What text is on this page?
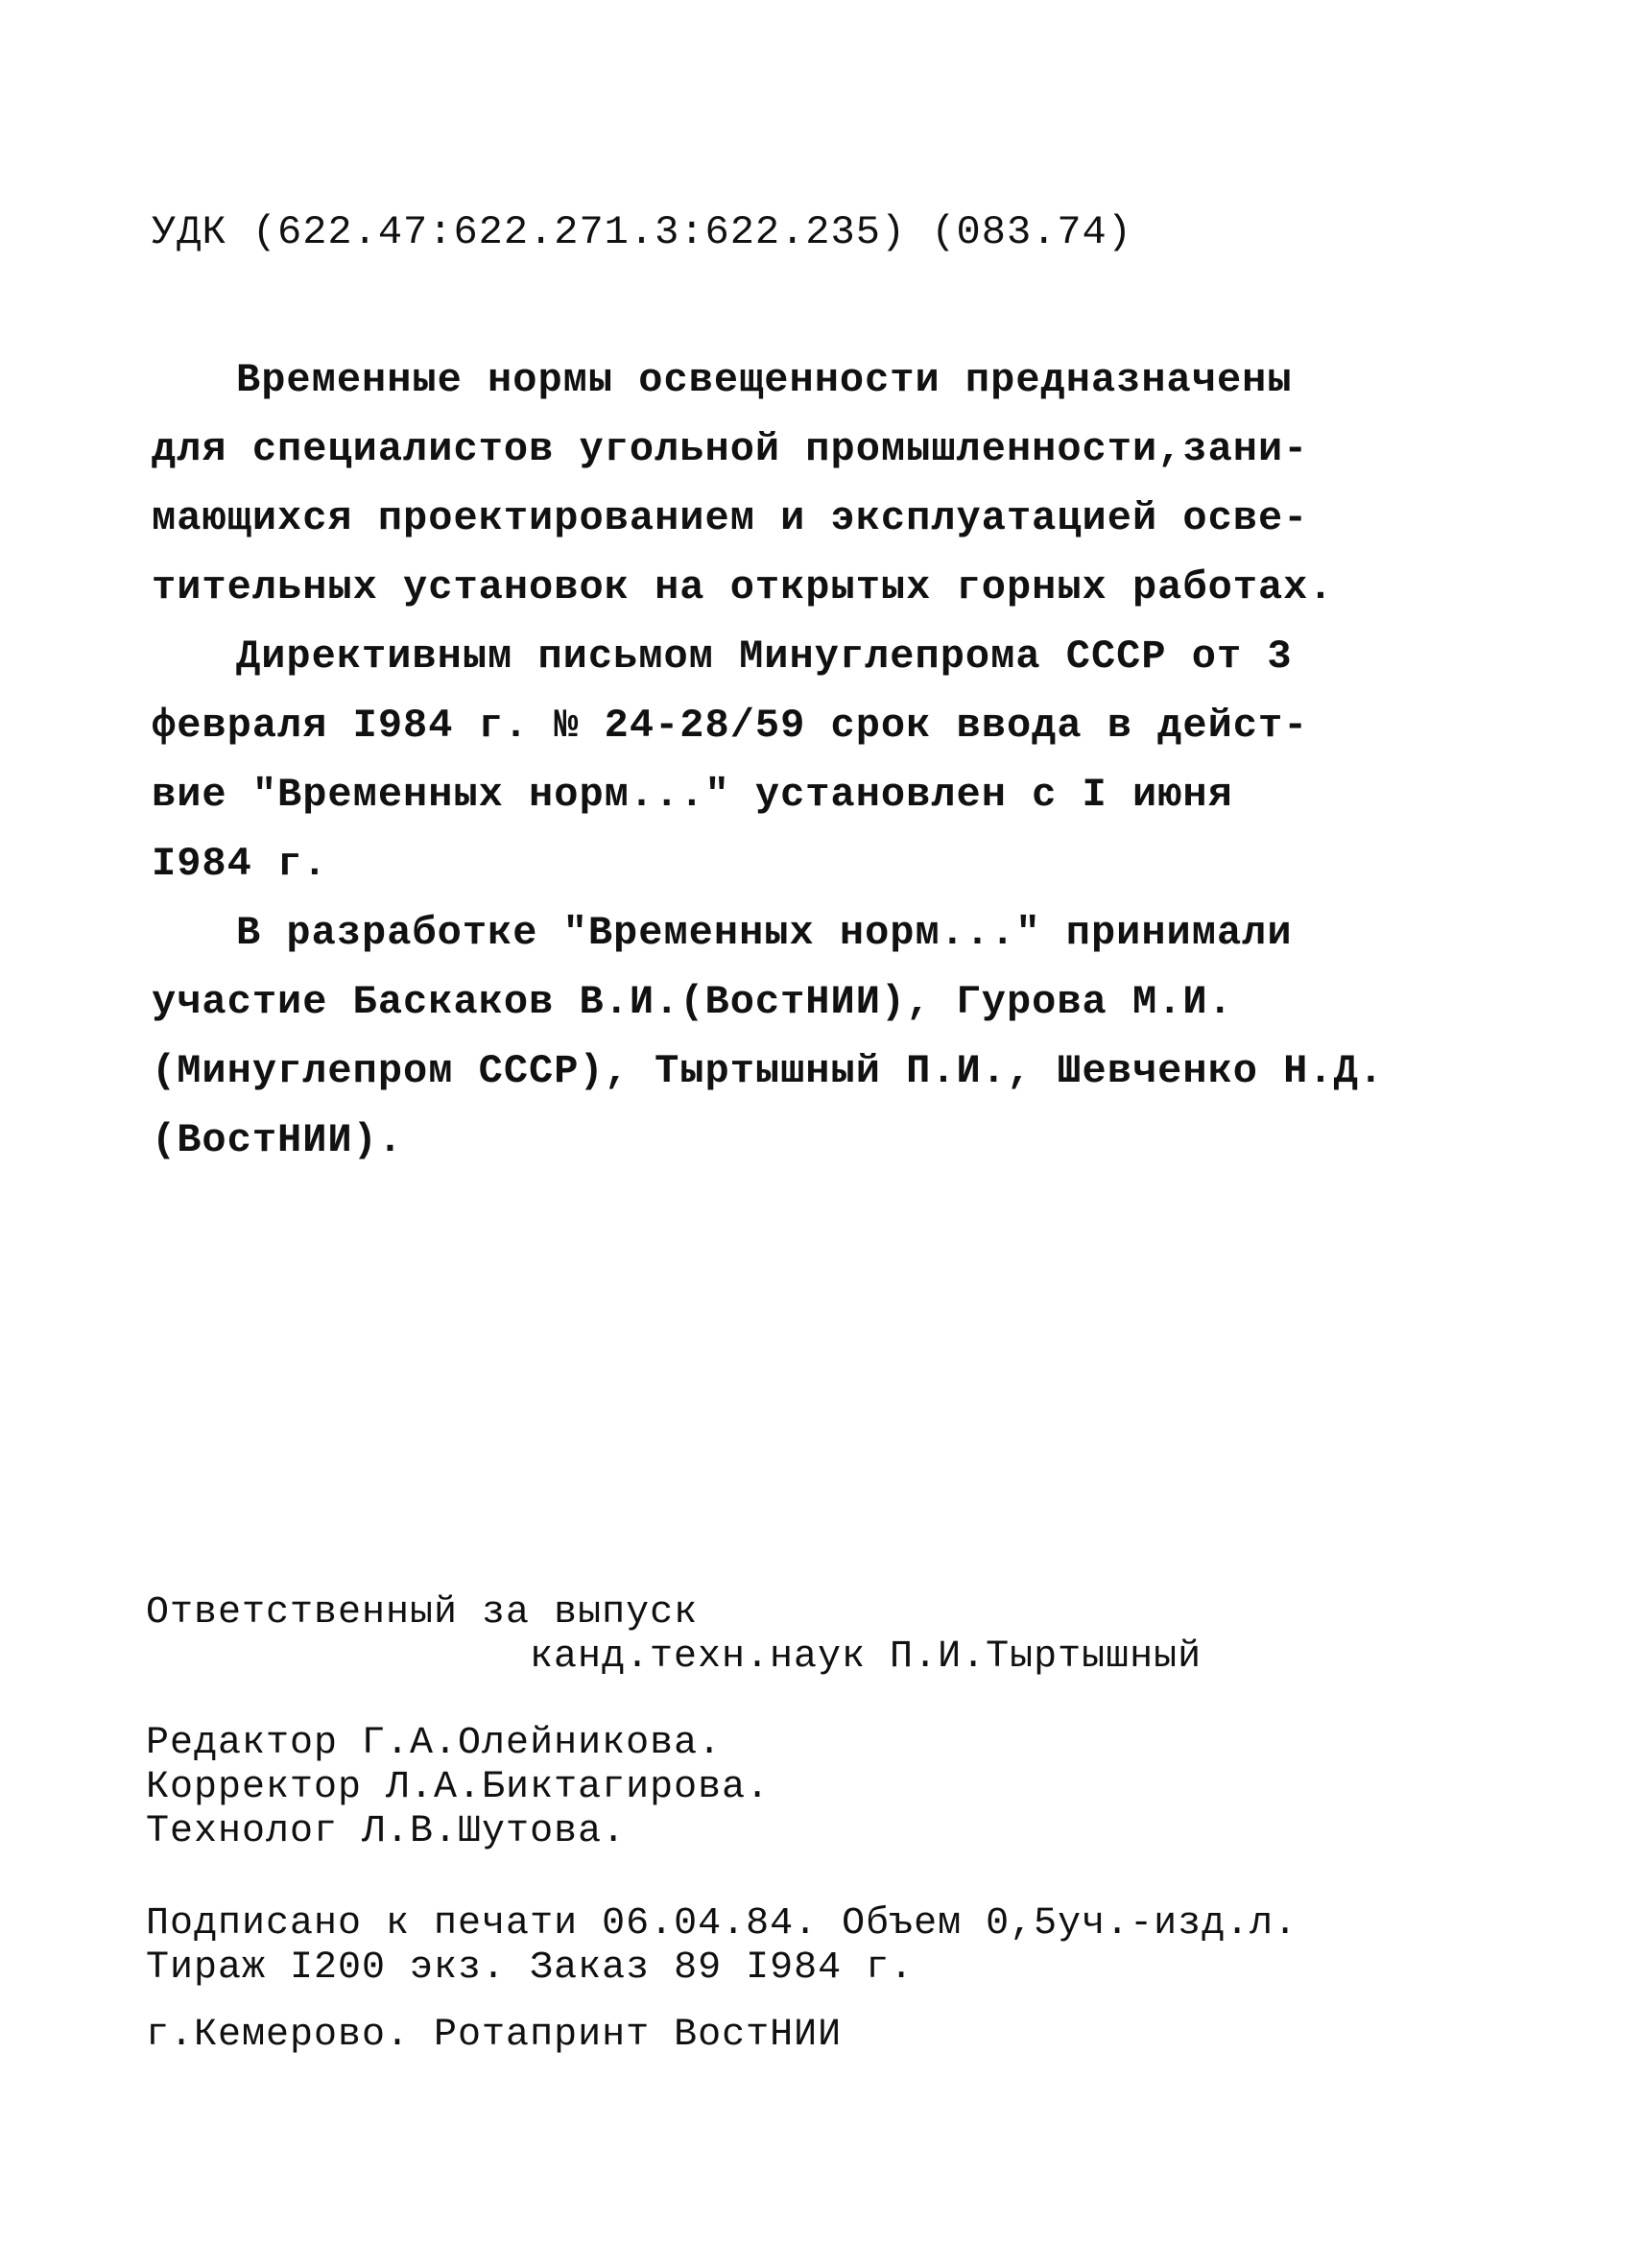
УДК (622.47:622.271.3:622.235) (083.74)
Временные нормы освещенности предназначены
для специалистов угольной промышленности,зани-
мающихся проектированием и эксплуатацией осве-
тительных установок на открытых горных работах.
Директивным письмом Минуглепрома СССР от 3
февраля I984 г. № 24-28/59 срок ввода в дейст-
вие "Временных норм..." установлен с I июня
I984 г.
В разработке "Временных норм..." принимали
участие Баскаков В.И.(ВостНИИ), Гурова М.И.
(Минуглепром СССР), Тыртышный П.И., Шевченко Н.Д.
(ВостНИИ).
Ответственный за выпуск
канд.техн.наук П.И.Тыртышный
Редактор Г.А.Олейникова.
Корректор Л.А.Биктагирова.
Технолог Л.В.Шутова.
Подписано к печати 06.04.84. Объем 0,5уч.-изд.л.
Тираж I200 экз. Заказ 89 I984 г.
г.Кемерово. Ротапринт ВостНИИ
